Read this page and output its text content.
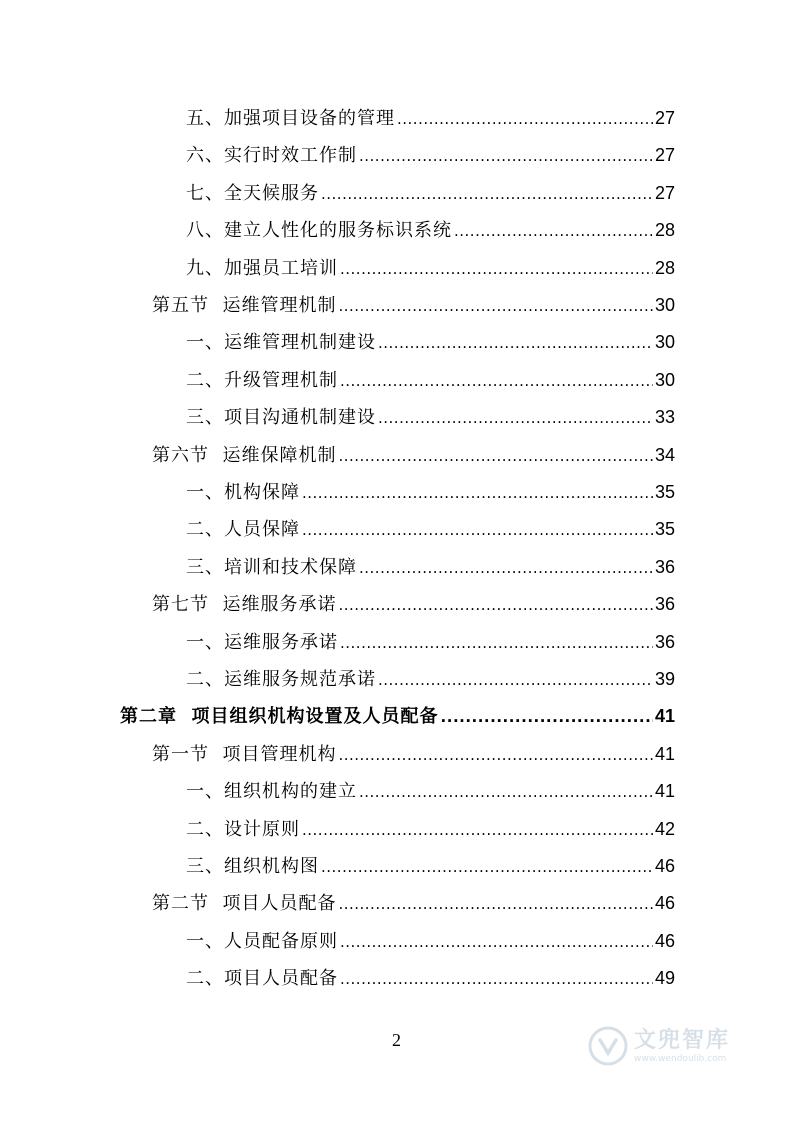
五、加强项目设备的管理 .....	27
六、实行时效工作制 .....	27
七、全天候服务 .....	27
八、建立人性化的服务标识系统 .....	28
九、加强员工培训 .....	28
第五节  运维管理机制 .....	30
一、运维管理机制建设 .....	30
二、升级管理机制 .....	30
三、项目沟通机制建设 .....	33
第六节  运维保障机制 .....	34
一、机构保障 .....	35
二、人员保障 .....	35
三、培训和技术保障 .....	36
第七节  运维服务承诺 .....	36
一、运维服务承诺 .....	36
二、运维服务规范承诺 .....	39
第二章  项目组织机构设置及人员配备 .....	41
第一节  项目管理机构 .....	41
一、组织机构的建立 .....	41
二、设计原则 .....	42
三、组织机构图 .....	46
第二节  项目人员配备 .....	46
一、人员配备原则 .....	46
二、项目人员配备 .....	49
2	文兜智库
www.wendoulib.com
